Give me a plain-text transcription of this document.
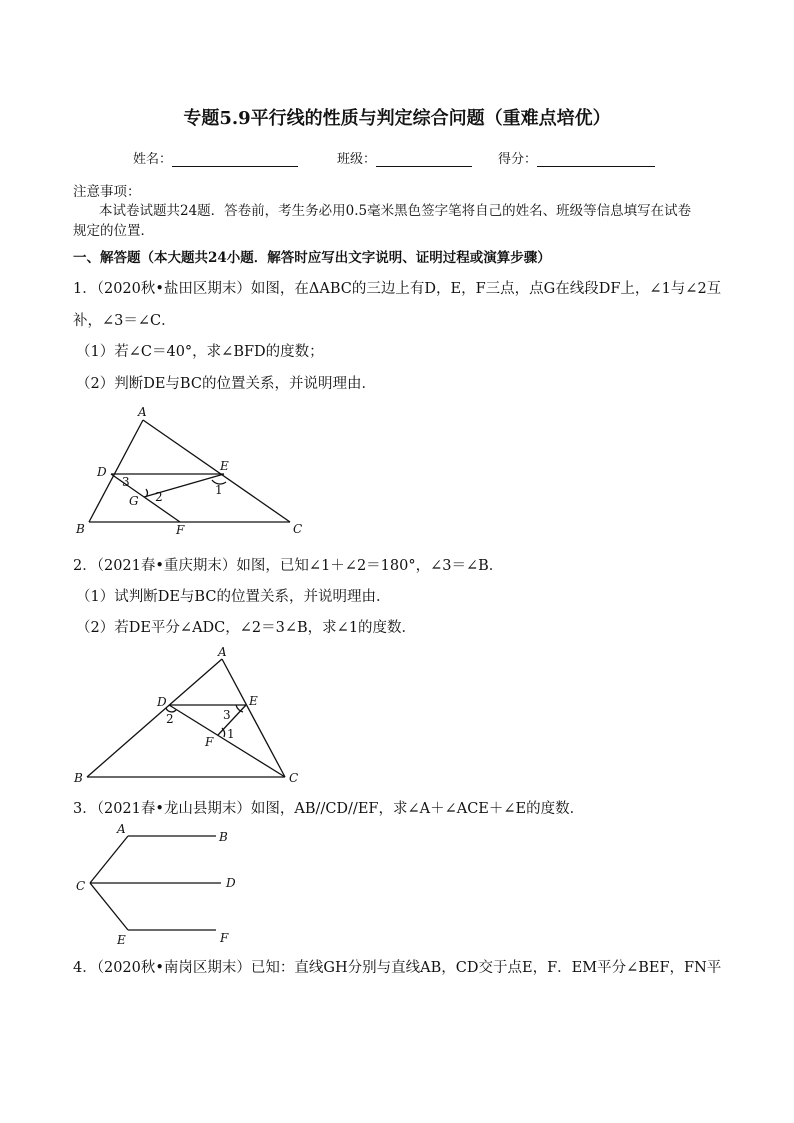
专题5.9平行线的性质与判定综合问题（重难点培优）
姓名：	班级：	得分：
注意事项：
本试卷试题共24题．答卷前，考生务必用0.5毫米黑色签字笔将自己的姓名、班级等信息填写在试卷
规定的位置．
一、解答题（本大题共24小题．解答时应写出文字说明、证明过程或演算步骤）
1．（2020秋•盐田区期末）如图，在ΔABC的三边上有D，E，F三点，点G在线段DF上，∠1与∠2互
补，∠3＝∠C．
（1）若∠C＝40°，求∠BFD的度数；
（2）判断DE与BC的位置关系，并说明理由．
A
D	E
B	F	C
G
1
2
3
A
D	E
B	C
F
1
2	3
A
B
C	D
E	F
2．（2021春•重庆期末）如图，已知∠1＋∠2＝180°，∠3＝∠B．
（1）试判断DE与BC的位置关系，并说明理由．
（2）若DE平分∠ADC，∠2＝3∠B，求∠1的度数．
3．（2021春•龙山县期末）如图，AB//CD//EF，求∠A＋∠ACE＋∠E的度数．
4．（2020秋•南岗区期末）已知：直线GH分别与直线AB，CD交于点E，F．EM平分∠BEF，FN平
